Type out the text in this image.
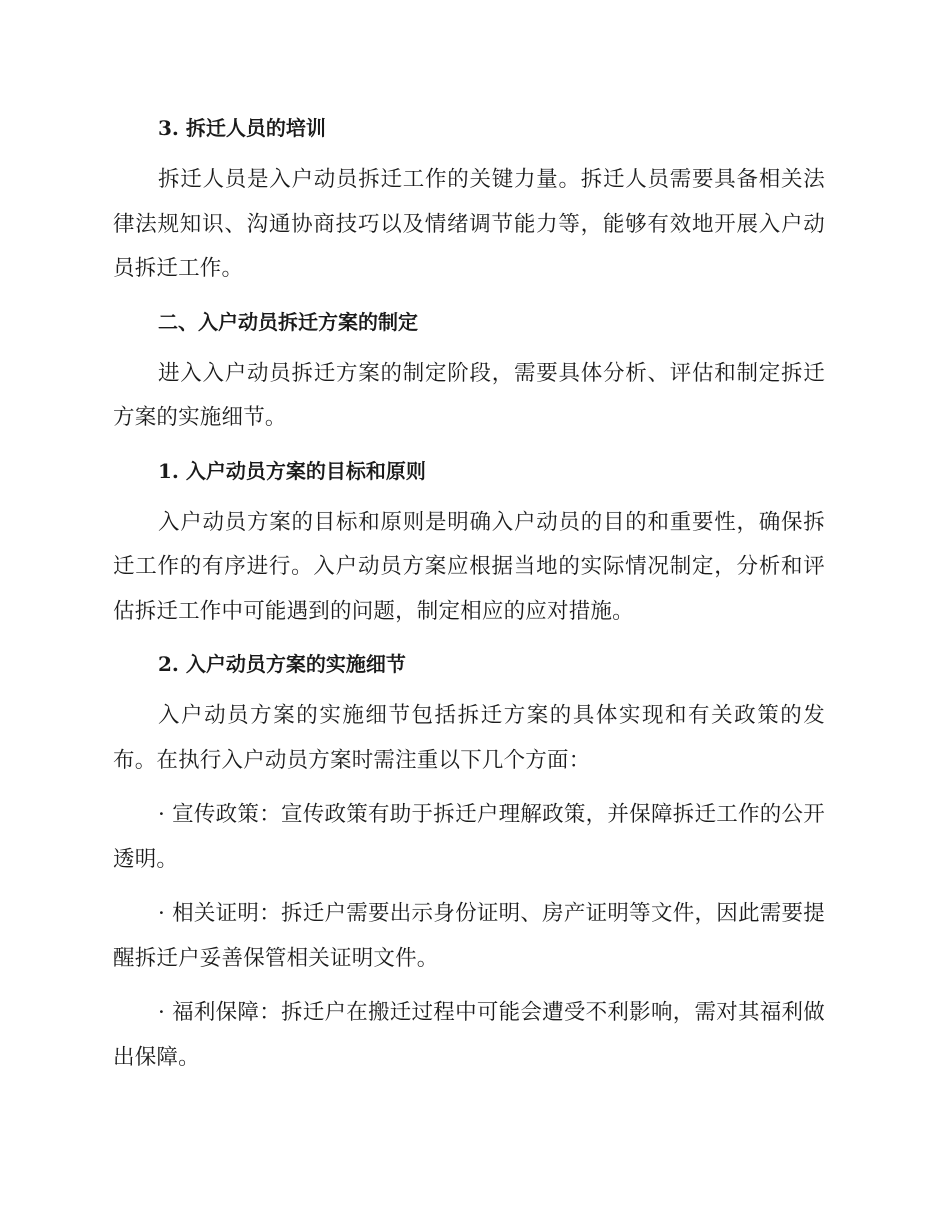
3. 拆迁人员的培训
拆迁人员是入户动员拆迁工作的关键力量。拆迁人员需要具备相关法律法规知识、沟通协商技巧以及情绪调节能力等，能够有效地开展入户动员拆迁工作。
二、入户动员拆迁方案的制定
进入入户动员拆迁方案的制定阶段，需要具体分析、评估和制定拆迁方案的实施细节。
1. 入户动员方案的目标和原则
入户动员方案的目标和原则是明确入户动员的目的和重要性，确保拆迁工作的有序进行。入户动员方案应根据当地的实际情况制定，分析和评估拆迁工作中可能遇到的问题，制定相应的应对措施。
2. 入户动员方案的实施细节
入户动员方案的实施细节包括拆迁方案的具体实现和有关政策的发布。在执行入户动员方案时需注重以下几个方面：
· 宣传政策：宣传政策有助于拆迁户理解政策，并保障拆迁工作的公开透明。
· 相关证明：拆迁户需要出示身份证明、房产证明等文件，因此需要提醒拆迁户妥善保管相关证明文件。
· 福利保障：拆迁户在搬迁过程中可能会遭受不利影响，需对其福利做出保障。
